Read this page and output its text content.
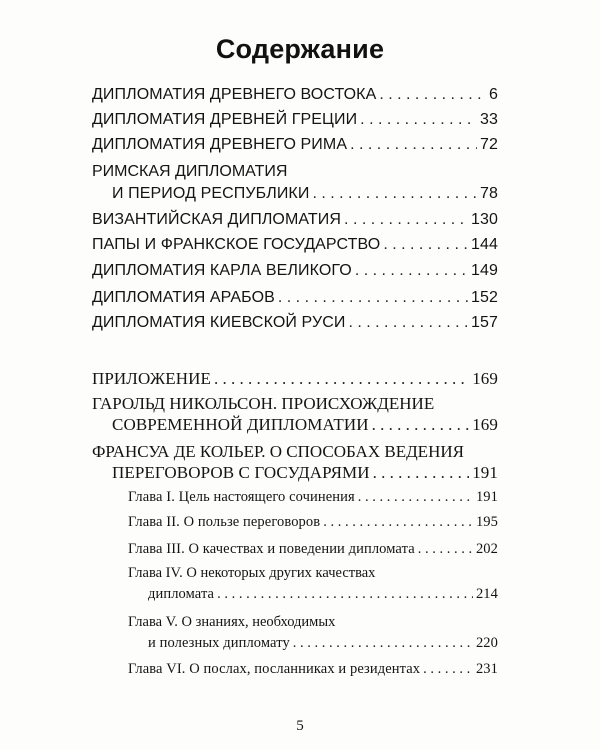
Содержание
ДИПЛОМАТИЯ ДРЕВНЕГО ВОСТОКА . . .	6
ДИПЛОМАТИЯ ДРЕВНЕЙ ГРЕЦИИ . . .	33
ДИПЛОМАТИЯ ДРЕВНЕГО РИМА . . .	72
РИМСКАЯ ДИПЛОМАТИЯ
И ПЕРИОД РЕСПУБЛИКИ . . .	78
ВИЗАНТИЙСКАЯ ДИПЛОМАТИЯ . . .	130
ПАПЫ И ФРАНКСКОЕ ГОСУДАРСТВО . . .	144
ДИПЛОМАТИЯ КАРЛА ВЕЛИКОГО . . .	149
ДИПЛОМАТИЯ АРАБОВ . . .	152
ДИПЛОМАТИЯ КИЕВСКОЙ РУСИ . . .	157
ПРИЛОЖЕНИЕ . . .	169
ГАРОЛЬД НИКОЛЬСОН. ПРОИСХОЖДЕНИЕ
СОВРЕМЕННОЙ ДИПЛОМАТИИ . . .	169
ФРАНСУА ДЕ КОЛЬЕР. О СПОСОБАХ ВЕДЕНИЯ
ПЕРЕГОВОРОВ С ГОСУДАРЯМИ . . .	191
Глава I. Цель настоящего сочинения . . .	191
Глава II. О пользе переговоров . . .	195
Глава III. О качествах и поведении дипломата . . .	202
Глава IV. О некоторых других качествах
дипломата . . .	214
Глава V. О знаниях, необходимых
и полезных дипломату . . .	220
Глава VI. О послах, посланниках и резидентах . . .	231
5
